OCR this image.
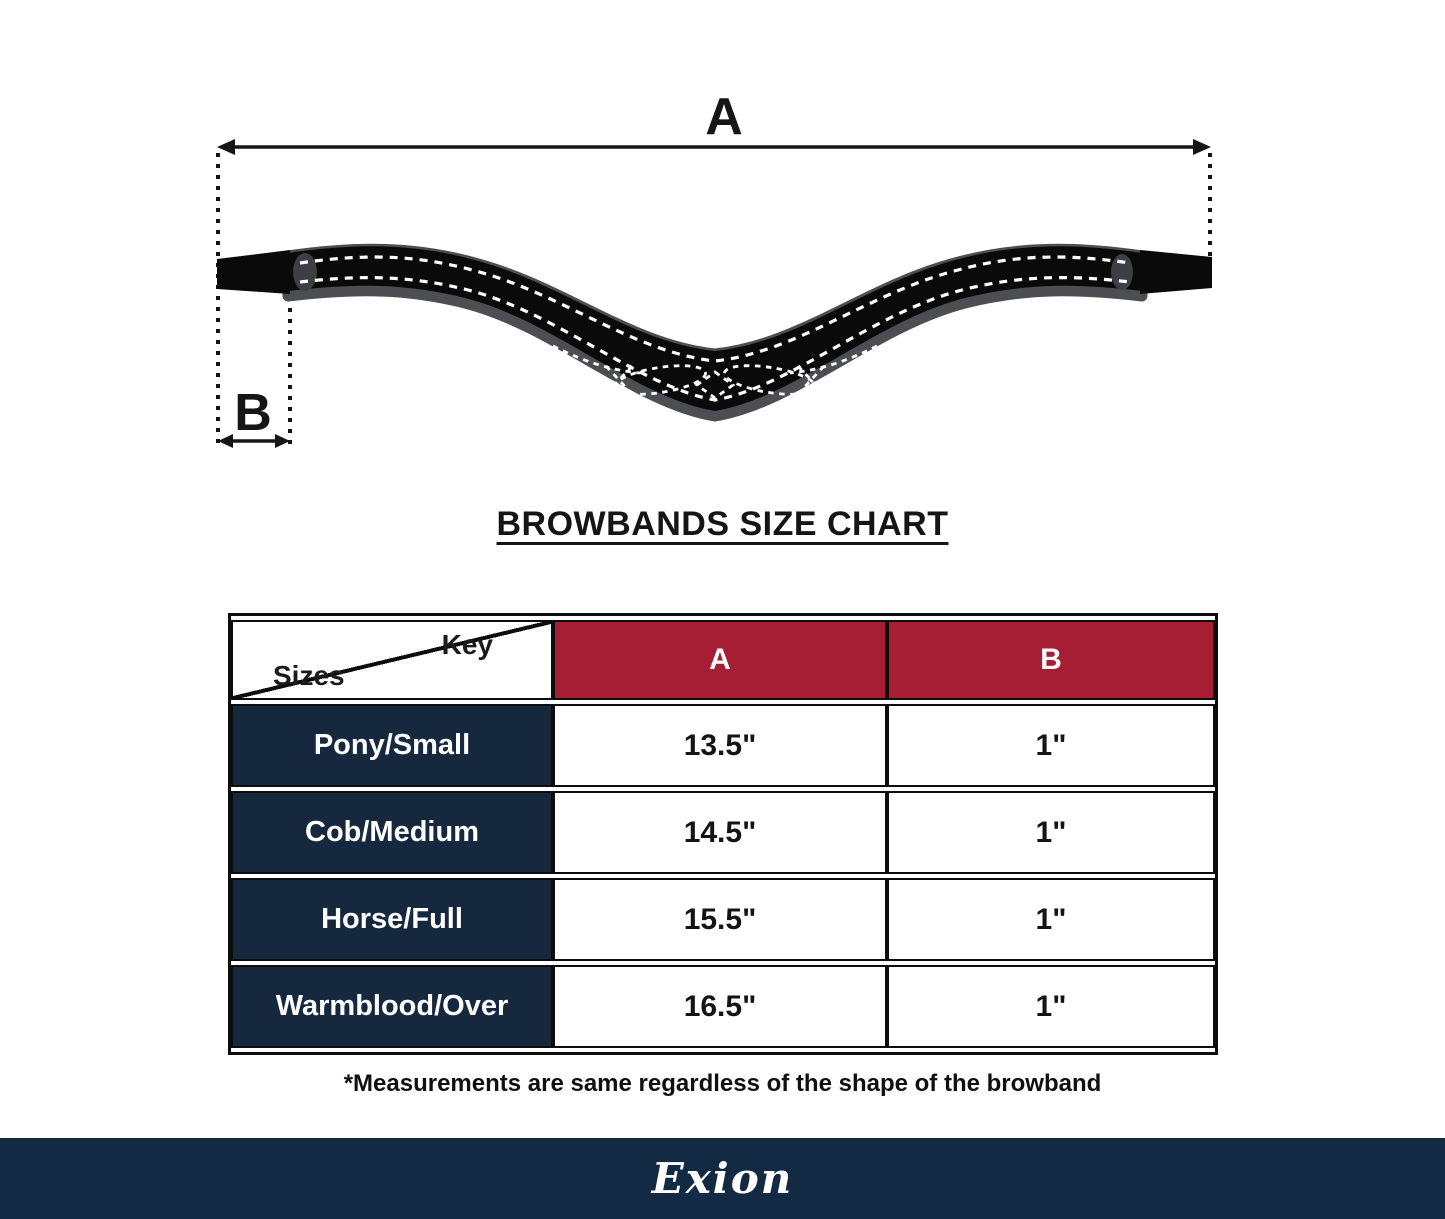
A
B
BROWBANDS SIZE CHART
Key
Sizes	A	B
Pony/Small	13.5"	1"
Cob/Medium	14.5"	1"
Horse/Full	15.5"	1"
Warmblood/Over	16.5"	1"
*Measurements are same regardless of the shape of the browband
Exion
